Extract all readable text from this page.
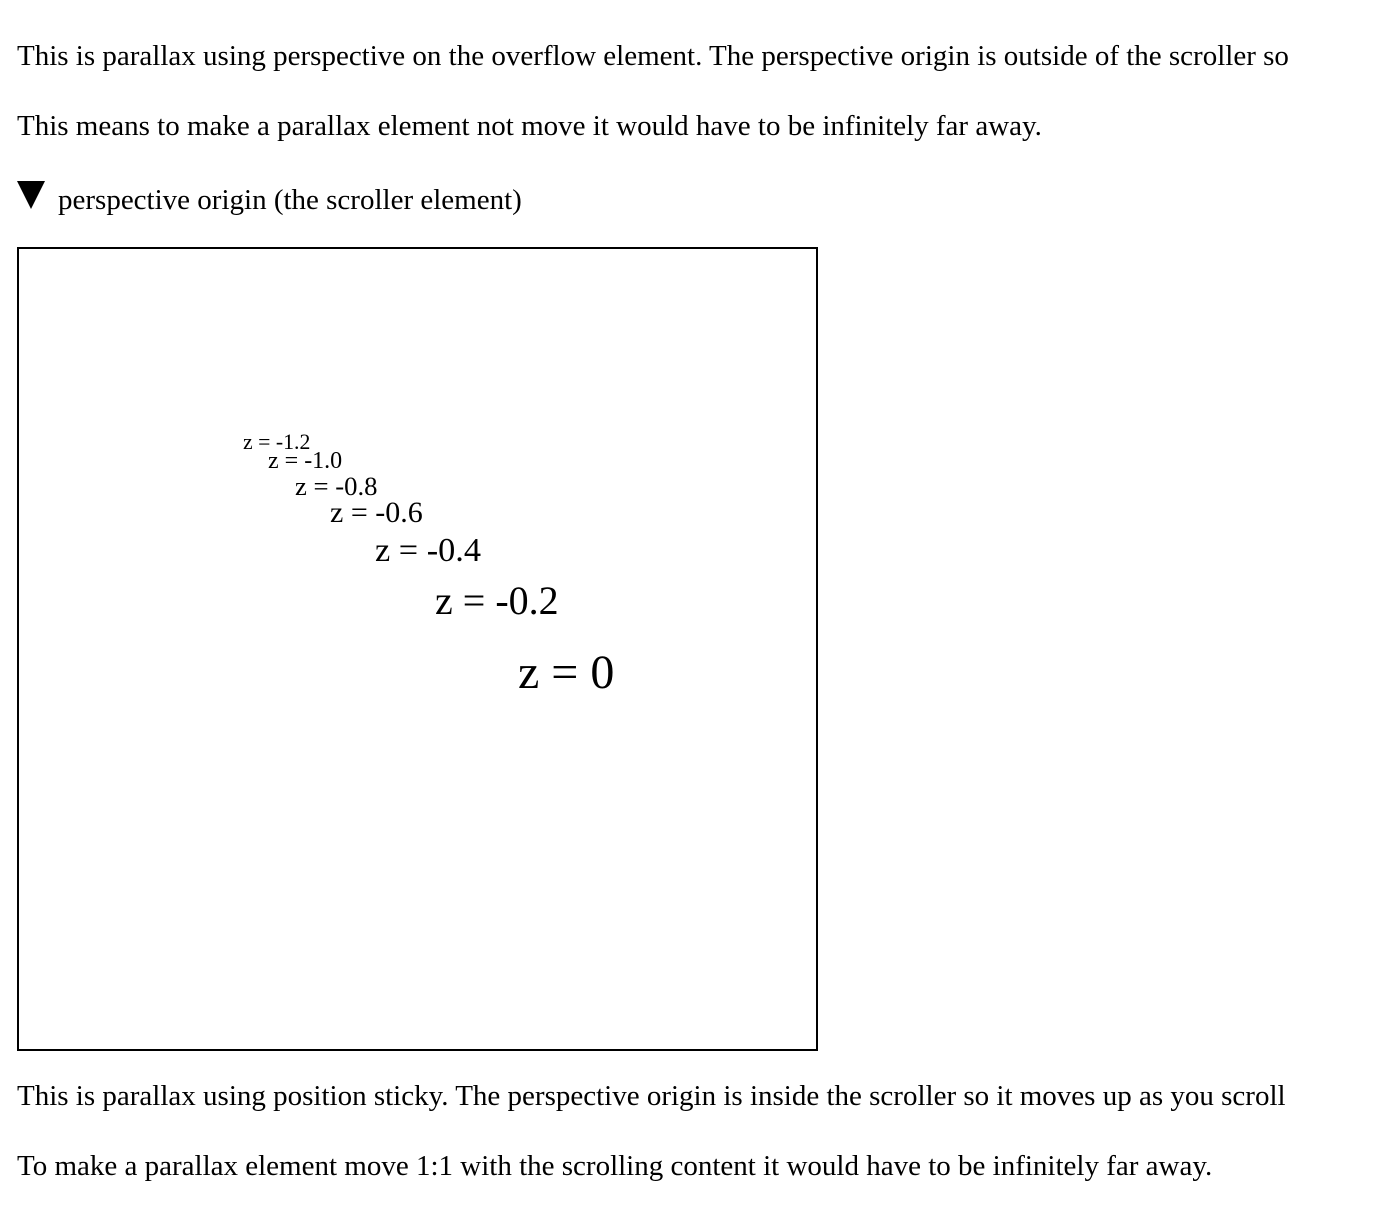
This is parallax using perspective on the overflow element. The perspective origin is outside of the scroller so

This means to make a parallax element not move it would have to be infinitely far away.

perspective origin (the scroller element)
z = -1.2
z = -1.0
z = -0.8
z = -0.6
z = -0.4
z = -0.2
z = 0

This is parallax using position sticky. The perspective origin is inside the scroller so it moves up as you scroll

To make a parallax element move 1:1 with the scrolling content it would have to be infinitely far away.
